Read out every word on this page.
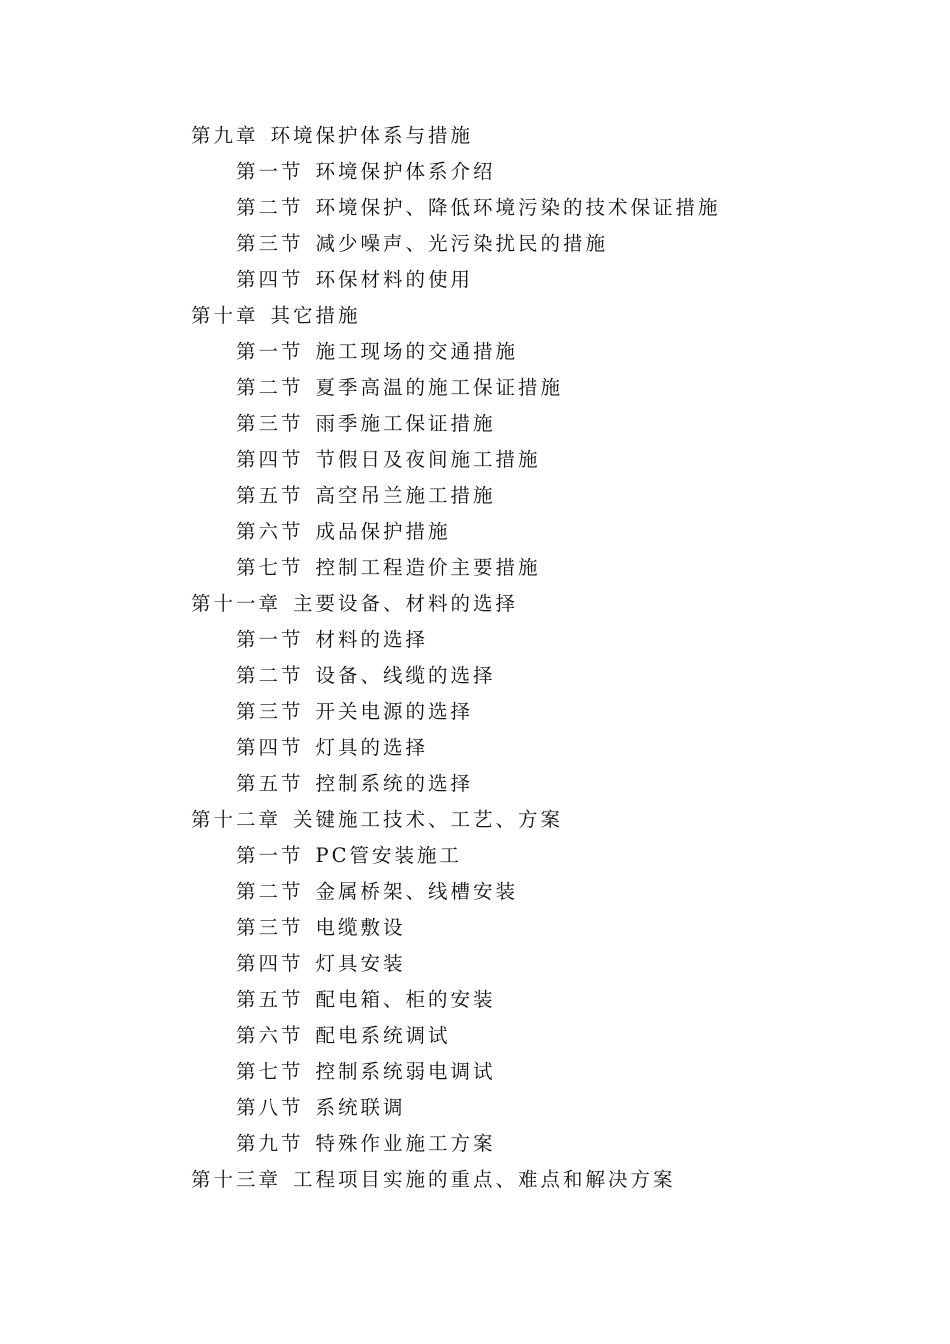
第九章 环境保护体系与措施
第一节 环境保护体系介绍
第二节 环境保护、降低环境污染的技术保证措施
第三节 减少噪声、光污染扰民的措施
第四节 环保材料的使用
第十章 其它措施
第一节 施工现场的交通措施
第二节 夏季高温的施工保证措施
第三节 雨季施工保证措施
第四节 节假日及夜间施工措施
第五节 高空吊兰施工措施
第六节 成品保护措施
第七节 控制工程造价主要措施
第十一章 主要设备、材料的选择
第一节 材料的选择
第二节 设备、线缆的选择
第三节 开关电源的选择
第四节 灯具的选择
第五节 控制系统的选择
第十二章 关键施工技术、工艺、方案
第一节 PC管安装施工
第二节 金属桥架、线槽安装
第三节 电缆敷设
第四节 灯具安装
第五节 配电箱、柜的安装
第六节 配电系统调试
第七节 控制系统弱电调试
第八节 系统联调
第九节 特殊作业施工方案
第十三章 工程项目实施的重点、难点和解决方案
